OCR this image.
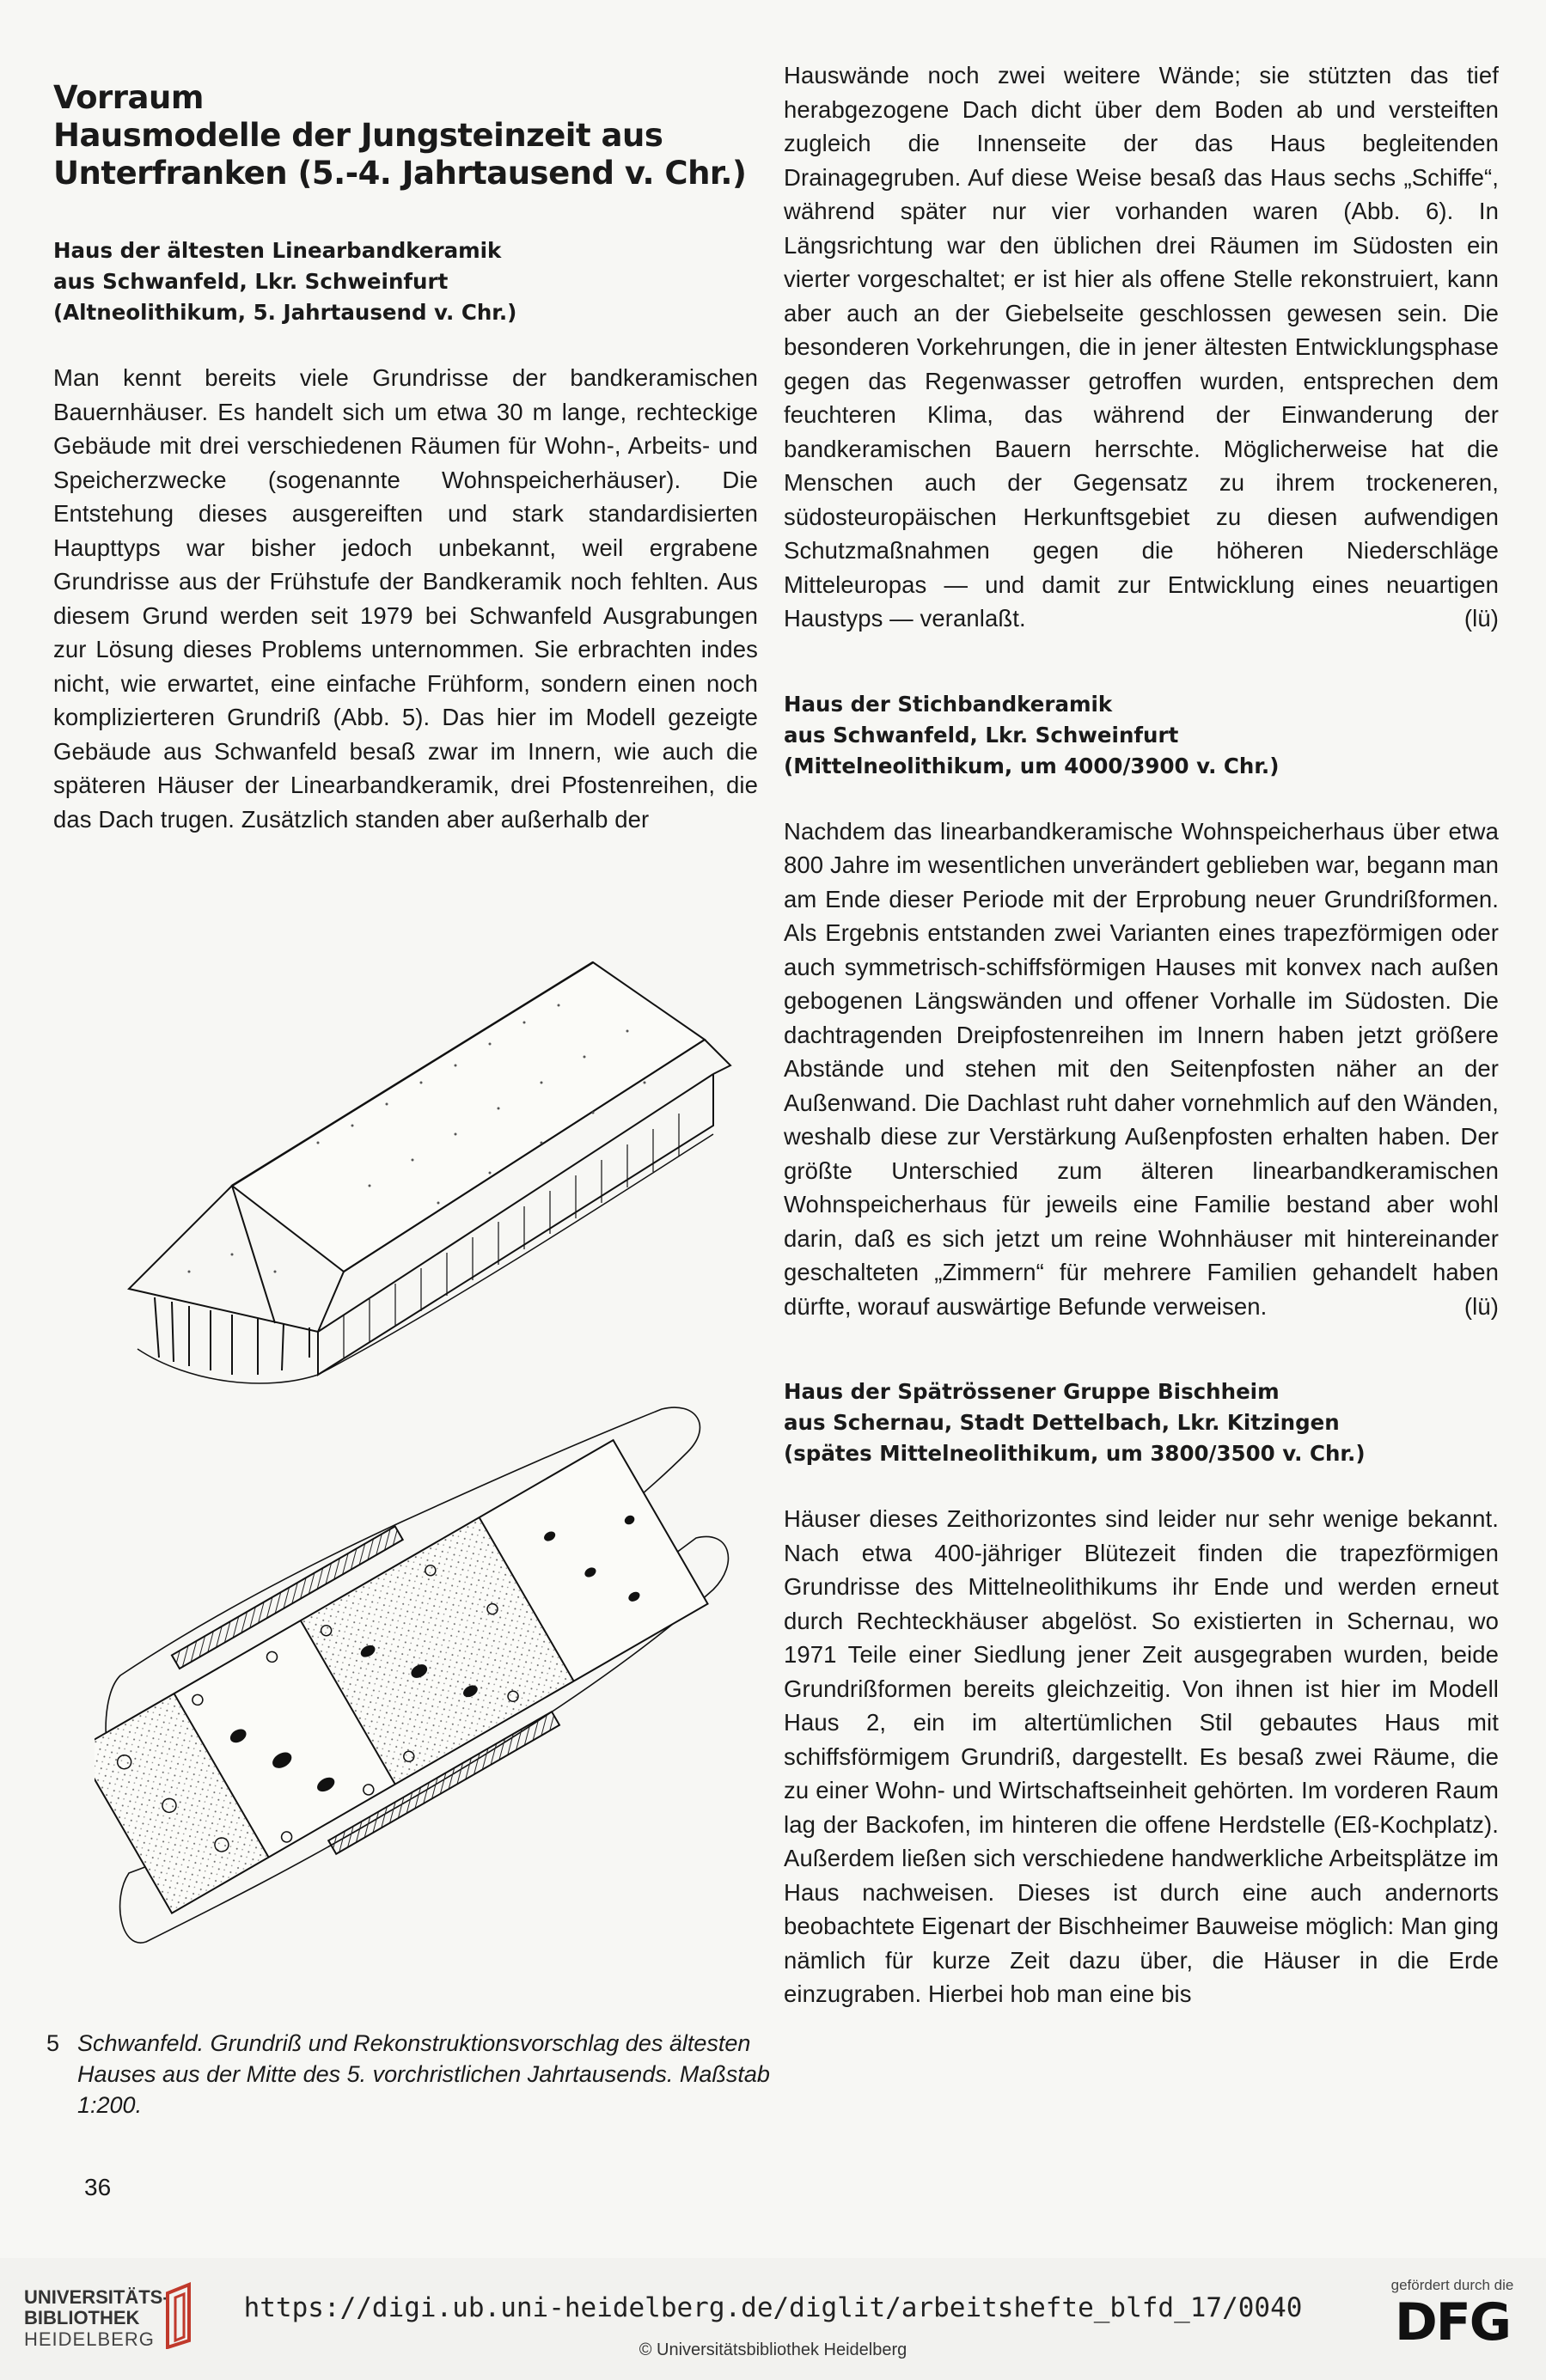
Vorraum
Hausmodelle der Jungsteinzeit aus
Unterfranken (5.-4. Jahrtausend v. Chr.)
Haus der ältesten Linearbandkeramik
aus Schwanfeld, Lkr. Schweinfurt
(Altneolithikum, 5. Jahrtausend v. Chr.)

Man kennt bereits viele Grundrisse der bandkeramischen Bauernhäuser. Es handelt sich um etwa 30 m lange, rechteckige Gebäude mit drei verschiedenen Räumen für Wohn-, Arbeits- und Speicherzwecke (sogenannte Wohnspeicherhäuser). Die Entstehung dieses ausgereiften und stark standardisierten Haupttyps war bisher jedoch unbekannt, weil ergrabene Grundrisse aus der Frühstufe der Bandkeramik noch fehlten. Aus diesem Grund werden seit 1979 bei Schwanfeld Ausgrabungen zur Lösung dieses Problems unternommen. Sie erbrachten indes nicht, wie erwartet, eine einfache Frühform, sondern einen noch komplizierteren Grundriß (Abb. 5). Das hier im Modell gezeigte Gebäude aus Schwanfeld besaß zwar im Innern, wie auch die späteren Häuser der Linearbandkeramik, drei Pfostenreihen, die das Dach trugen. Zusätzlich standen aber außerhalb der

5 Schwanfeld. Grundriß und Rekonstruktionsvorschlag des ältesten Hauses aus der Mitte des 5. vorchristlichen Jahrtausends. Maßstab 1:200.
36

Hauswände noch zwei weitere Wände; sie stützten das tief herabgezogene Dach dicht über dem Boden ab und versteiften zugleich die Innenseite der das Haus begleitenden Drainagegruben. Auf diese Weise besaß das Haus sechs „Schiffe“, während später nur vier vorhanden waren (Abb. 6). In Längsrichtung war den üblichen drei Räumen im Südosten ein vierter vorgeschaltet; er ist hier als offene Stelle rekonstruiert, kann aber auch an der Giebelseite geschlossen gewesen sein. Die besonderen Vorkehrungen, die in jener ältesten Entwicklungsphase gegen das Regenwasser getroffen wurden, entsprechen dem feuchteren Klima, das während der Einwanderung der bandkeramischen Bauern herrschte. Möglicherweise hat die Menschen auch der Gegensatz zu ihrem trockeneren, südosteuropäischen Herkunftsgebiet zu diesen aufwendigen Schutzmaßnahmen gegen die höheren Niederschläge Mitteleuropas — und damit zur Entwicklung eines neuartigen Haustyps — veranlaßt.	(lü)

Haus der Stichbandkeramik
aus Schwanfeld, Lkr. Schweinfurt
(Mittelneolithikum, um 4000/3900 v. Chr.)

Nachdem das linearbandkeramische Wohnspeicherhaus über etwa 800 Jahre im wesentlichen unverändert geblieben war, begann man am Ende dieser Periode mit der Erprobung neuer Grundrißformen. Als Ergebnis entstanden zwei Varianten eines trapezförmigen oder auch symmetrisch-schiffsförmigen Hauses mit konvex nach außen gebogenen Längswänden und offener Vorhalle im Südosten. Die dachtragenden Dreipfostenreihen im Innern haben jetzt größere Abstände und stehen mit den Seitenpfosten näher an der Außenwand. Die Dachlast ruht daher vornehmlich auf den Wänden, weshalb diese zur Verstärkung Außenpfosten erhalten haben. Der größte Unterschied zum älteren linearbandkeramischen Wohnspeicherhaus für jeweils eine Familie bestand aber wohl darin, daß es sich jetzt um reine Wohnhäuser mit hintereinander geschalteten „Zimmern“ für mehrere Familien gehandelt haben dürfte, worauf auswärtige Befunde verweisen.	(lü)

Haus der Spätrössener Gruppe Bischheim
aus Schernau, Stadt Dettelbach, Lkr. Kitzingen
(spätes Mittelneolithikum, um 3800/3500 v. Chr.)

Häuser dieses Zeithorizontes sind leider nur sehr wenige bekannt. Nach etwa 400-jähriger Blütezeit finden die trapezförmigen Grundrisse des Mittelneolithikums ihr Ende und werden erneut durch Rechteckhäuser abgelöst. So existierten in Schernau, wo 1971 Teile einer Siedlung jener Zeit ausgegraben wurden, beide Grundrißformen bereits gleichzeitig. Von ihnen ist hier im Modell Haus 2, ein im altertümlichen Stil gebautes Haus mit schiffsförmigem Grundriß, dargestellt. Es besaß zwei Räume, die zu einer Wohn- und Wirtschaftseinheit gehörten. Im vorderen Raum lag der Backofen, im hinteren die offene Herdstelle (Eß-Kochplatz). Außerdem ließen sich verschiedene handwerkliche Arbeitsplätze im Haus nachweisen. Dieses ist durch eine auch andernorts beobachtete Eigenart der Bischheimer Bauweise möglich: Man ging nämlich für kurze Zeit dazu über, die Häuser in die Erde einzugraben. Hierbei hob man eine bis

UNIVERSITÄTS-
BIBLIOTHEK
HEIDELBERG
https://digi.ub.uni-heidelberg.de/diglit/arbeitshefte_blfd_17/0040
© Universitätsbibliothek Heidelberg
gefördert durch die
DFG
